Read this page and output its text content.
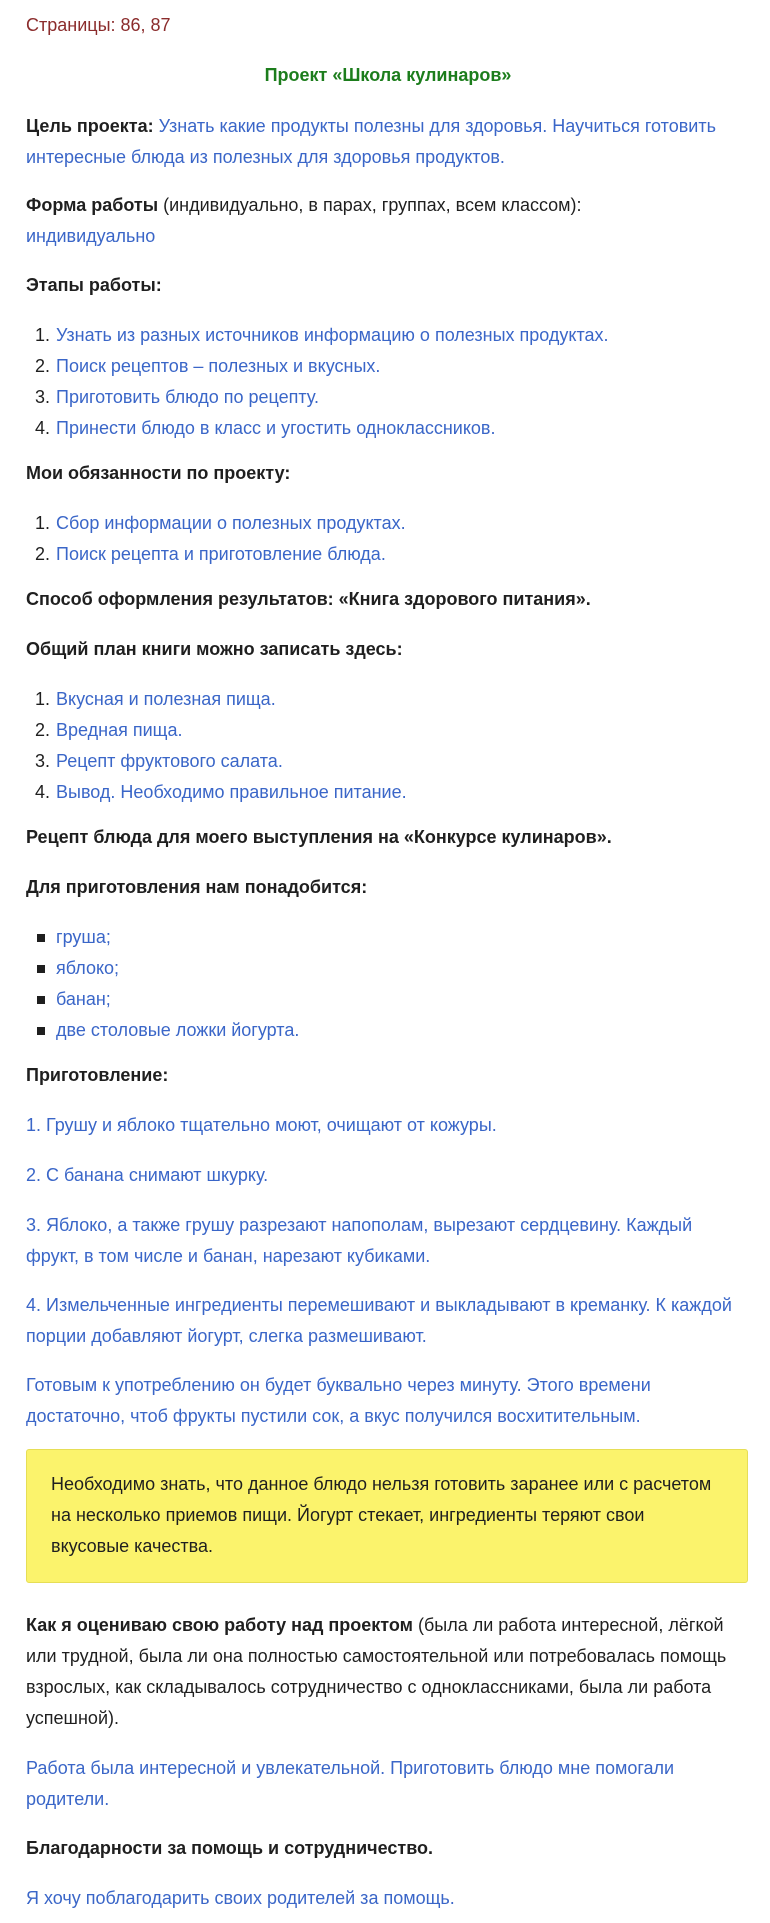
Страницы: 86, 87
Проект «Школа кулинаров»
Цель проекта: Узнать какие продукты полезны для здоровья. Научиться готовить интересные блюда из полезных для здоровья продуктов.
Форма работы (индивидуально, в парах, группах, всем классом):
индивидуально
Этапы работы:
1. Узнать из разных источников информацию о полезных продуктах.
2. Поиск рецептов – полезных и вкусных.
3. Приготовить блюдо по рецепту.
4. Принести блюдо в класс и угостить одноклассников.
Мои обязанности по проекту:
1. Сбор информации о полезных продуктах.
2. Поиск рецепта и приготовление блюда.
Способ оформления результатов: «Книга здорового питания».
Общий план книги можно записать здесь:
1. Вкусная и полезная пища.
2. Вредная пища.
3. Рецепт фруктового салата.
4. Вывод. Необходимо правильное питание.
Рецепт блюда для моего выступления на «Конкурсе кулинаров».
Для приготовления нам понадобится:
груша;
яблоко;
банан;
две столовые ложки йогурта.
Приготовление:
1. Грушу и яблоко тщательно моют, очищают от кожуры.
2. С банана снимают шкурку.
3. Яблоко, а также грушу разрезают напополам, вырезают сердцевину. Каждый фрукт, в том числе и банан, нарезают кубиками.
4. Измельченные ингредиенты перемешивают и выкладывают в креманку. К каждой порции добавляют йогурт, слегка размешивают.
Готовым к употреблению он будет буквально через минуту. Этого времени достаточно, чтоб фрукты пустили сок, а вкус получился восхитительным.
Необходимо знать, что данное блюдо нельзя готовить заранее или с расчетом на несколько приемов пищи. Йогурт стекает, ингредиенты теряют свои вкусовые качества.
Как я оцениваю свою работу над проектом (была ли работа интересной, лёгкой или трудной, была ли она полностью самостоятельной или потребовалась помощь взрослых, как складывалось сотрудничество с одноклассниками, была ли работа успешной).
Работа была интересной и увлекательной. Приготовить блюдо мне помогали родители.
Благодарности за помощь и сотрудничество.
Я хочу поблагодарить своих родителей за помощь.
